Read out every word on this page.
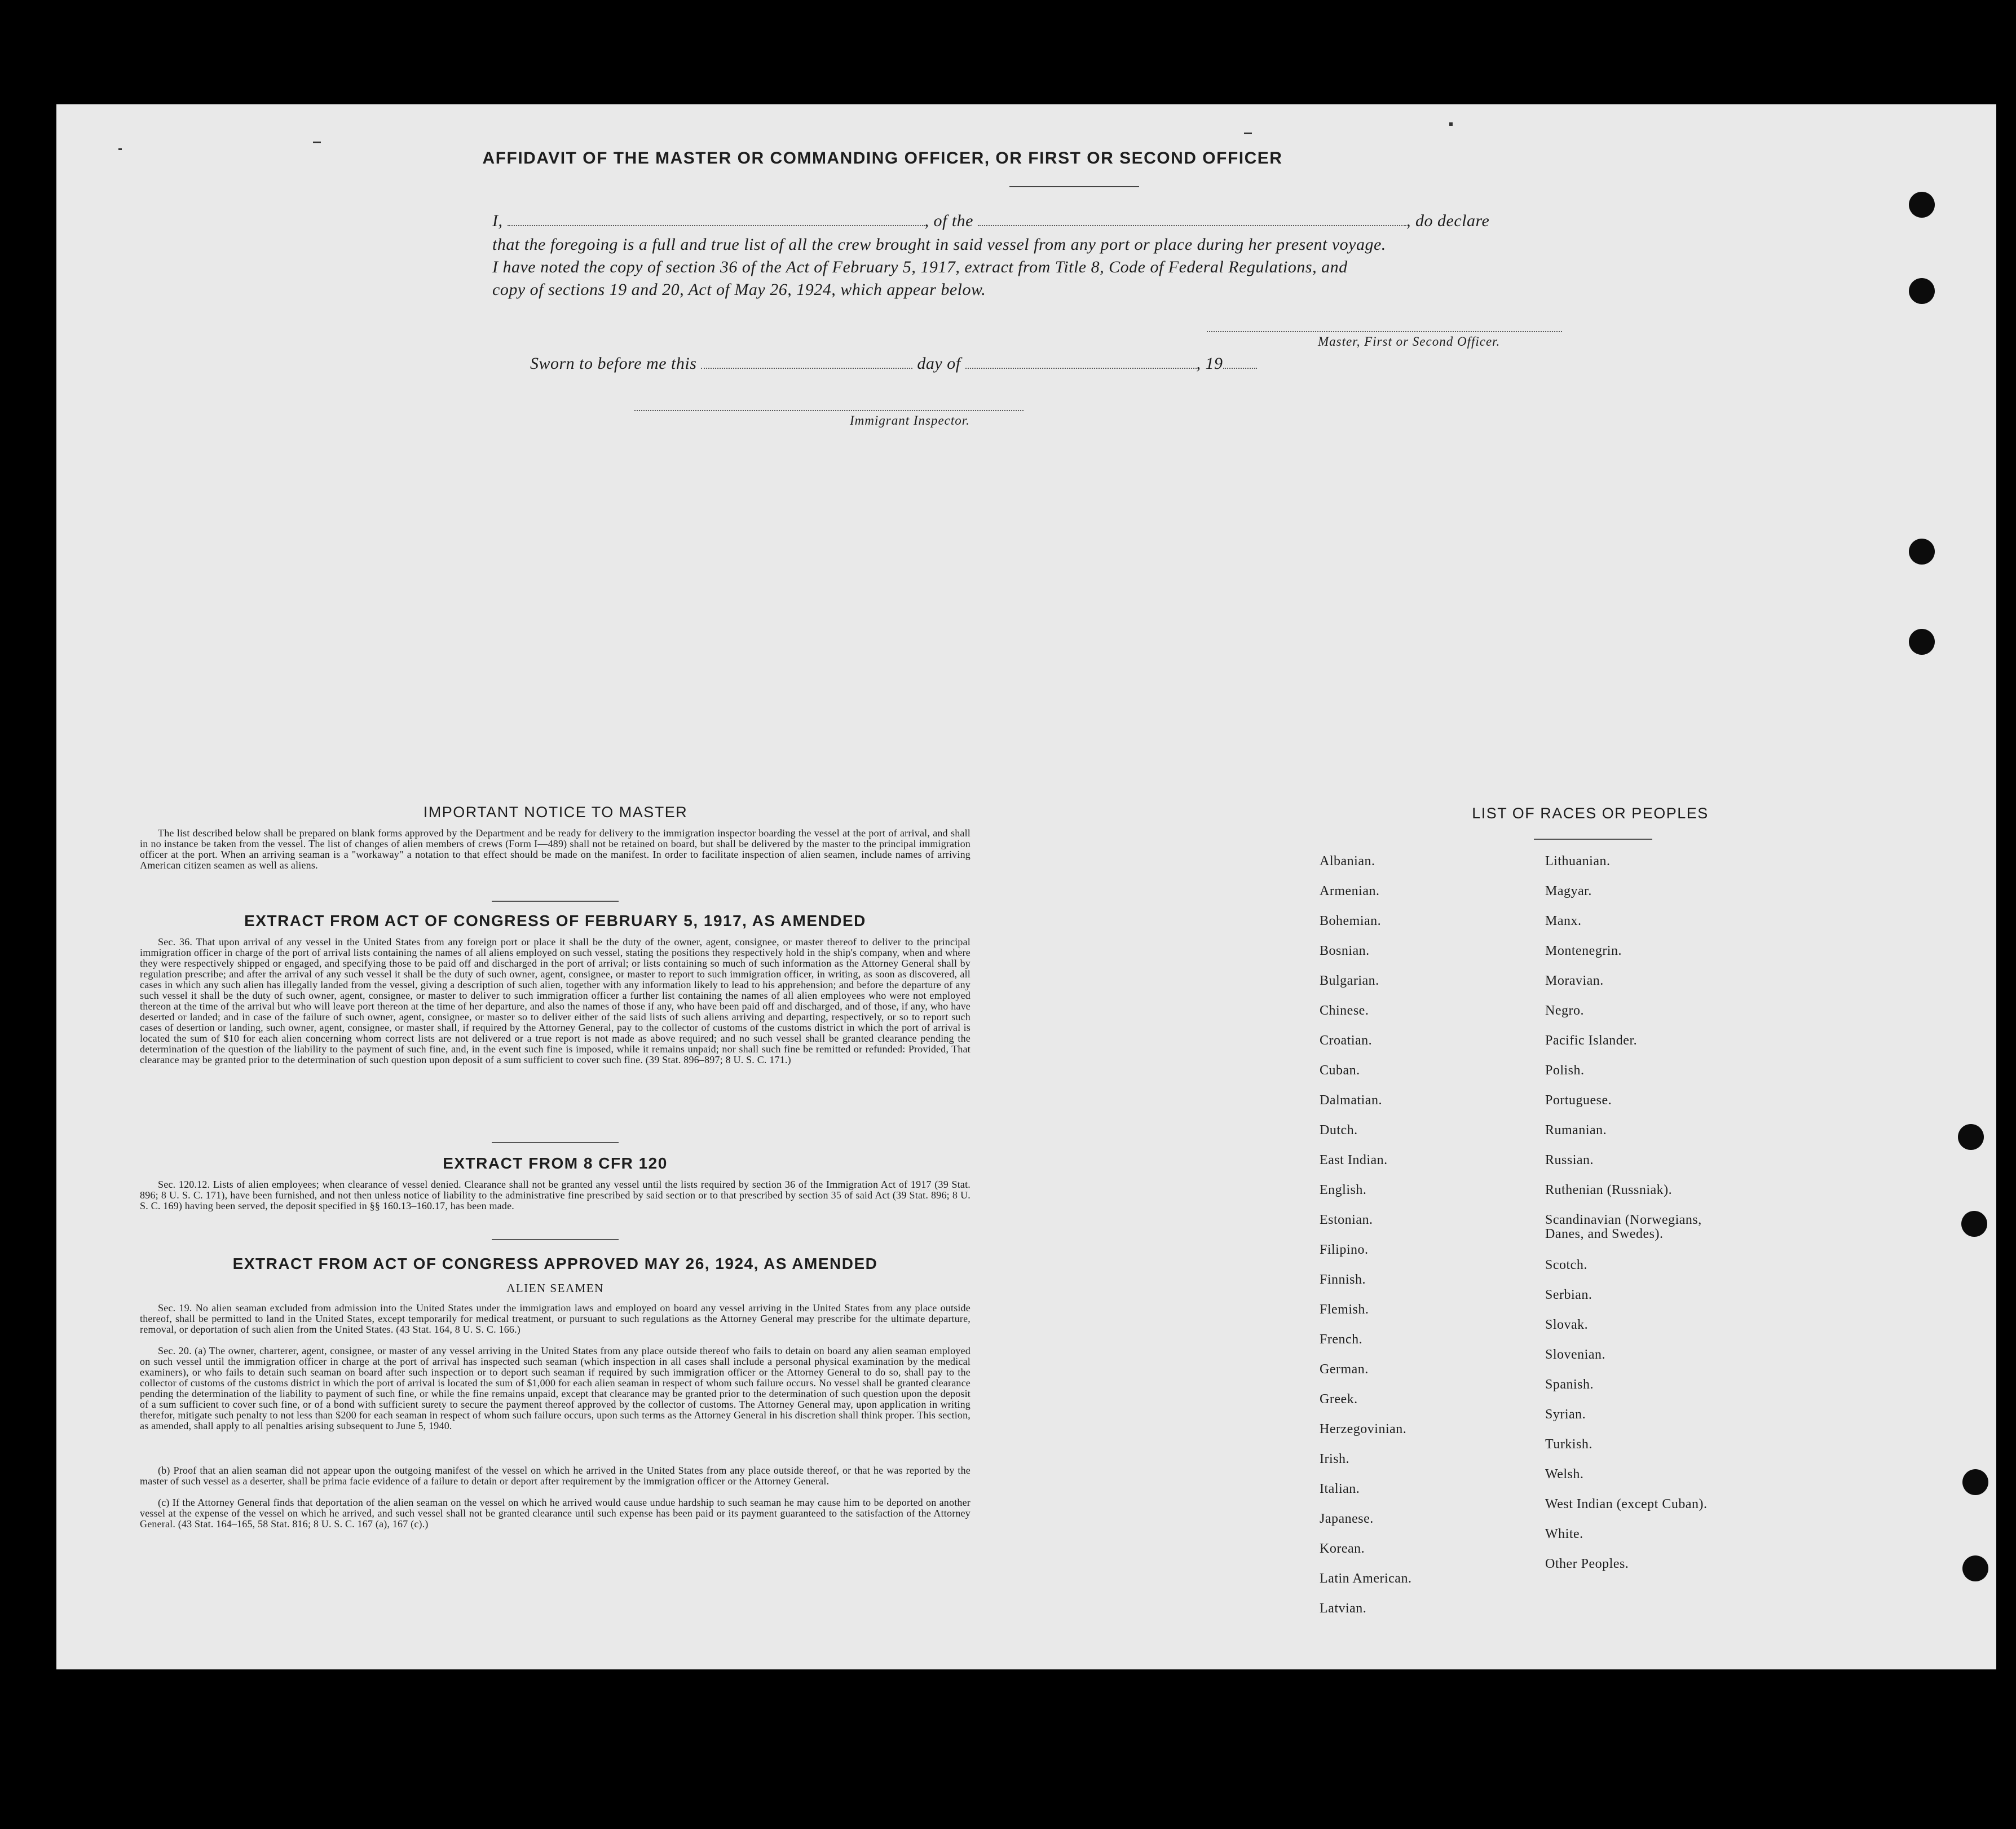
AFFIDAVIT OF THE MASTER OR COMMANDING OFFICER, OR FIRST OR SECOND OFFICER
I,	, of the	, do declare
that the foregoing is a full and true list of all the crew brought in said vessel from any port or place during her present voyage.
I have noted the copy of section 36 of the Act of February 5, 1917, extract from Title 8, Code of Federal Regulations, and
copy of sections 19 and 20, Act of May 26, 1924, which appear below.
Master, First or Second Officer.
Sworn to before me this	day of	, 19
Immigrant Inspector.
IMPORTANT NOTICE TO MASTER

The list described below shall be prepared on blank forms approved by the Department and be ready for delivery to the immigration inspector boarding the vessel at the port of arrival, and shall in no instance be taken from the vessel. The list of changes of alien members of crews (Form I—489) shall not be retained on board, but shall be delivered by the master to the principal immigration officer at the port. When an arriving seaman is a "workaway" a notation to that effect should be made on the manifest. In order to facilitate inspection of alien seamen, include names of arriving American citizen seamen as well as aliens.

EXTRACT FROM ACT OF CONGRESS OF FEBRUARY 5, 1917, AS AMENDED

Sec. 36. That upon arrival of any vessel in the United States from any foreign port or place it shall be the duty of the owner, agent, consignee, or master thereof to deliver to the principal immigration officer in charge of the port of arrival lists containing the names of all aliens employed on such vessel, stating the positions they respectively hold in the ship's company, when and where they were respectively shipped or engaged, and specifying those to be paid off and discharged in the port of arrival; or lists containing so much of such information as the Attorney General shall by regulation prescribe; and after the arrival of any such vessel it shall be the duty of such owner, agent, consignee, or master to report to such immigration officer, in writing, as soon as discovered, all cases in which any such alien has illegally landed from the vessel, giving a description of such alien, together with any information likely to lead to his apprehension; and before the departure of any such vessel it shall be the duty of such owner, agent, consignee, or master to deliver to such immigration officer a further list containing the names of all alien employees who were not employed thereon at the time of the arrival but who will leave port thereon at the time of her departure, and also the names of those if any, who have been paid off and discharged, and of those, if any, who have deserted or landed; and in case of the failure of such owner, agent, consignee, or master so to deliver either of the said lists of such aliens arriving and departing, respectively, or so to report such cases of desertion or landing, such owner, agent, consignee, or master shall, if required by the Attorney General, pay to the collector of customs of the customs district in which the port of arrival is located the sum of $10 for each alien concerning whom correct lists are not delivered or a true report is not made as above required; and no such vessel shall be granted clearance pending the determination of the question of the liability to the payment of such fine, and, in the event such fine is imposed, while it remains unpaid; nor shall such fine be remitted or refunded: Provided, That clearance may be granted prior to the determination of such question upon deposit of a sum sufficient to cover such fine. (39 Stat. 896–897; 8 U. S. C. 171.)

EXTRACT FROM 8 CFR 120

Sec. 120.12. Lists of alien employees; when clearance of vessel denied. Clearance shall not be granted any vessel until the lists required by section 36 of the Immigration Act of 1917 (39 Stat. 896; 8 U. S. C. 171), have been furnished, and not then unless notice of liability to the administrative fine prescribed by said section or to that prescribed by section 35 of said Act (39 Stat. 896; 8 U. S. C. 169) having been served, the deposit specified in §§ 160.13–160.17, has been made.

EXTRACT FROM ACT OF CONGRESS APPROVED MAY 26, 1924, AS AMENDED
ALIEN SEAMEN

Sec. 19. No alien seaman excluded from admission into the United States under the immigration laws and employed on board any vessel arriving in the United States from any place outside thereof, shall be permitted to land in the United States, except temporarily for medical treatment, or pursuant to such regulations as the Attorney General may prescribe for the ultimate departure, removal, or deportation of such alien from the United States. (43 Stat. 164, 8 U. S. C. 166.)

Sec. 20. (a) The owner, charterer, agent, consignee, or master of any vessel arriving in the United States from any place outside thereof who fails to detain on board any alien seaman employed on such vessel until the immigration officer in charge at the port of arrival has inspected such seaman (which inspection in all cases shall include a personal physical examination by the medical examiners), or who fails to detain such seaman on board after such inspection or to deport such seaman if required by such immigration officer or the Attorney General to do so, shall pay to the collector of customs of the customs district in which the port of arrival is located the sum of $1,000 for each alien seaman in respect of whom such failure occurs. No vessel shall be granted clearance pending the determination of the liability to payment of such fine, or while the fine remains unpaid, except that clearance may be granted prior to the determination of such question upon the deposit of a sum sufficient to cover such fine, or of a bond with sufficient surety to secure the payment thereof approved by the collector of customs. The Attorney General may, upon application in writing therefor, mitigate such penalty to not less than $200 for each seaman in respect of whom such failure occurs, upon such terms as the Attorney General in his discretion shall think proper. This section, as amended, shall apply to all penalties arising subsequent to June 5, 1940.

(b) Proof that an alien seaman did not appear upon the outgoing manifest of the vessel on which he arrived in the United States from any place outside thereof, or that he was reported by the master of such vessel as a deserter, shall be prima facie evidence of a failure to detain or deport after requirement by the immigration officer or the Attorney General.

(c) If the Attorney General finds that deportation of the alien seaman on the vessel on which he arrived would cause undue hardship to such seaman he may cause him to be deported on another vessel at the expense of the vessel on which he arrived, and such vessel shall not be granted clearance until such expense has been paid or its payment guaranteed to the satisfaction of the Attorney General. (43 Stat. 164–165, 58 Stat. 816; 8 U. S. C. 167 (a), 167 (c).)

LIST OF RACES OR PEOPLES
Albanian.
Armenian.
Bohemian.
Bosnian.
Bulgarian.
Chinese.
Croatian.
Cuban.
Dalmatian.
Dutch.
East Indian.
English.
Estonian.
Filipino.
Finnish.
Flemish.
French.
German.
Greek.
Herzegovinian.
Irish.
Italian.
Japanese.
Korean.
Latin American.
Latvian.
Lithuanian.
Magyar.
Manx.
Montenegrin.
Moravian.
Negro.
Pacific Islander.
Polish.
Portuguese.
Rumanian.
Russian.
Ruthenian (Russniak).
Scandinavian (Norwegians,
Danes, and Swedes).
Scotch.
Serbian.
Slovak.
Slovenian.
Spanish.
Syrian.
Turkish.
Welsh.
West Indian (except Cuban).
White.
Other Peoples.
